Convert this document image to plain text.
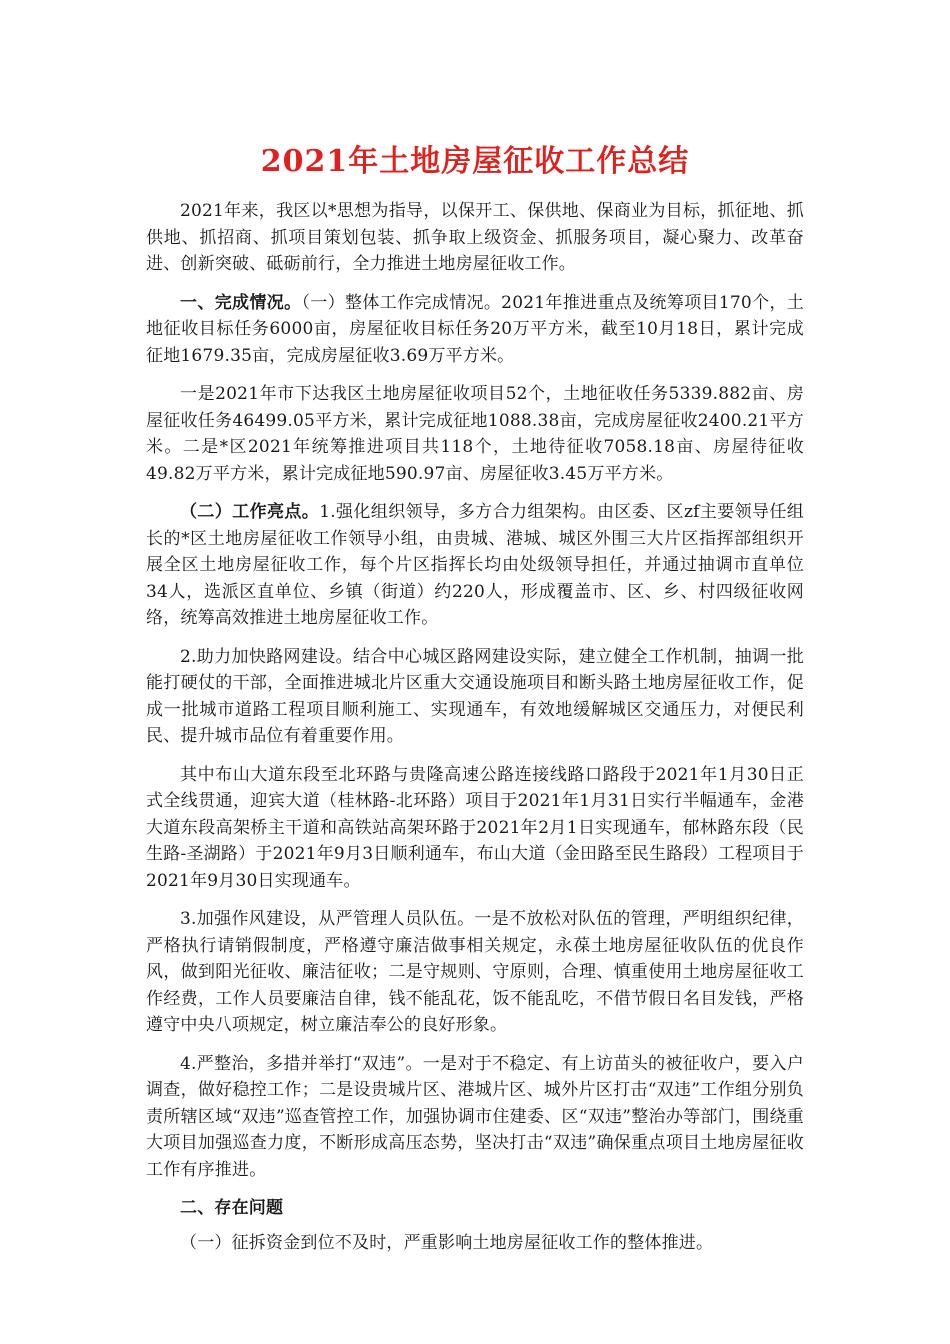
2021年土地房屋征收工作总结

2021年来，我区以*思想为指导，以保开工、保供地、保商业为目标，抓征地、抓供地、抓招商、抓项目策划包装、抓争取上级资金、抓服务项目，凝心聚力、改革奋进、创新突破、砥砺前行，全力推进土地房屋征收工作。

一、完成情况。（一）整体工作完成情况。2021年推进重点及统筹项目170个，土地征收目标任务6000亩，房屋征收目标任务20万平方米，截至10月18日，累计完成征地1679.35亩，完成房屋征收3.69万平方米。

一是2021年市下达我区土地房屋征收项目52个，土地征收任务5339.882亩、房屋征收任务46499.05平方米，累计完成征地1088.38亩，完成房屋征收2400.21平方米。二是*区2021年统筹推进项目共118个，土地待征收7058.18亩、房屋待征收49.82万平方米，累计完成征地590.97亩、房屋征收3.45万平方米。

（二）工作亮点。1.强化组织领导，多方合力组架构。由区委、区zf主要领导任组长的*区土地房屋征收工作领导小组，由贵城、港城、城区外围三大片区指挥部组织开展全区土地房屋征收工作，每个片区指挥长均由处级领导担任，并通过抽调市直单位34人，选派区直单位、乡镇（街道）约220人，形成覆盖市、区、乡、村四级征收网络，统筹高效推进土地房屋征收工作。

2.助力加快路网建设。结合中心城区路网建设实际，建立健全工作机制，抽调一批能打硬仗的干部，全面推进城北片区重大交通设施项目和断头路土地房屋征收工作，促成一批城市道路工程项目顺利施工、实现通车，有效地缓解城区交通压力，对便民利民、提升城市品位有着重要作用。

其中布山大道东段至北环路与贵隆高速公路连接线路口路段于2021年1月30日正式全线贯通，迎宾大道（桂林路-北环路）项目于2021年1月31日实行半幅通车，金港大道东段高架桥主干道和高铁站高架环路于2021年2月1日实现通车，郁林路东段（民生路-圣湖路）于2021年9月3日顺利通车，布山大道（金田路至民生路段）工程项目于2021年9月30日实现通车。

3.加强作风建设，从严管理人员队伍。一是不放松对队伍的管理，严明组织纪律，严格执行请销假制度，严格遵守廉洁做事相关规定，永葆土地房屋征收队伍的优良作风，做到阳光征收、廉洁征收；二是守规则、守原则，合理、慎重使用土地房屋征收工作经费，工作人员要廉洁自律，钱不能乱花，饭不能乱吃，不借节假日名目发钱，严格遵守中央八项规定，树立廉洁奉公的良好形象。

4.严整治，多措并举打“双违”。一是对于不稳定、有上访苗头的被征收户，要入户调查，做好稳控工作；二是设贵城片区、港城片区、城外片区打击“双违”工作组分别负责所辖区域“双违”巡查管控工作，加强协调市住建委、区“双违”整治办等部门，围绕重大项目加强巡查力度，不断形成高压态势，坚决打击“双违”确保重点项目土地房屋征收工作有序推进。

二、存在问题

（一）征拆资金到位不及时，严重影响土地房屋征收工作的整体推进。
